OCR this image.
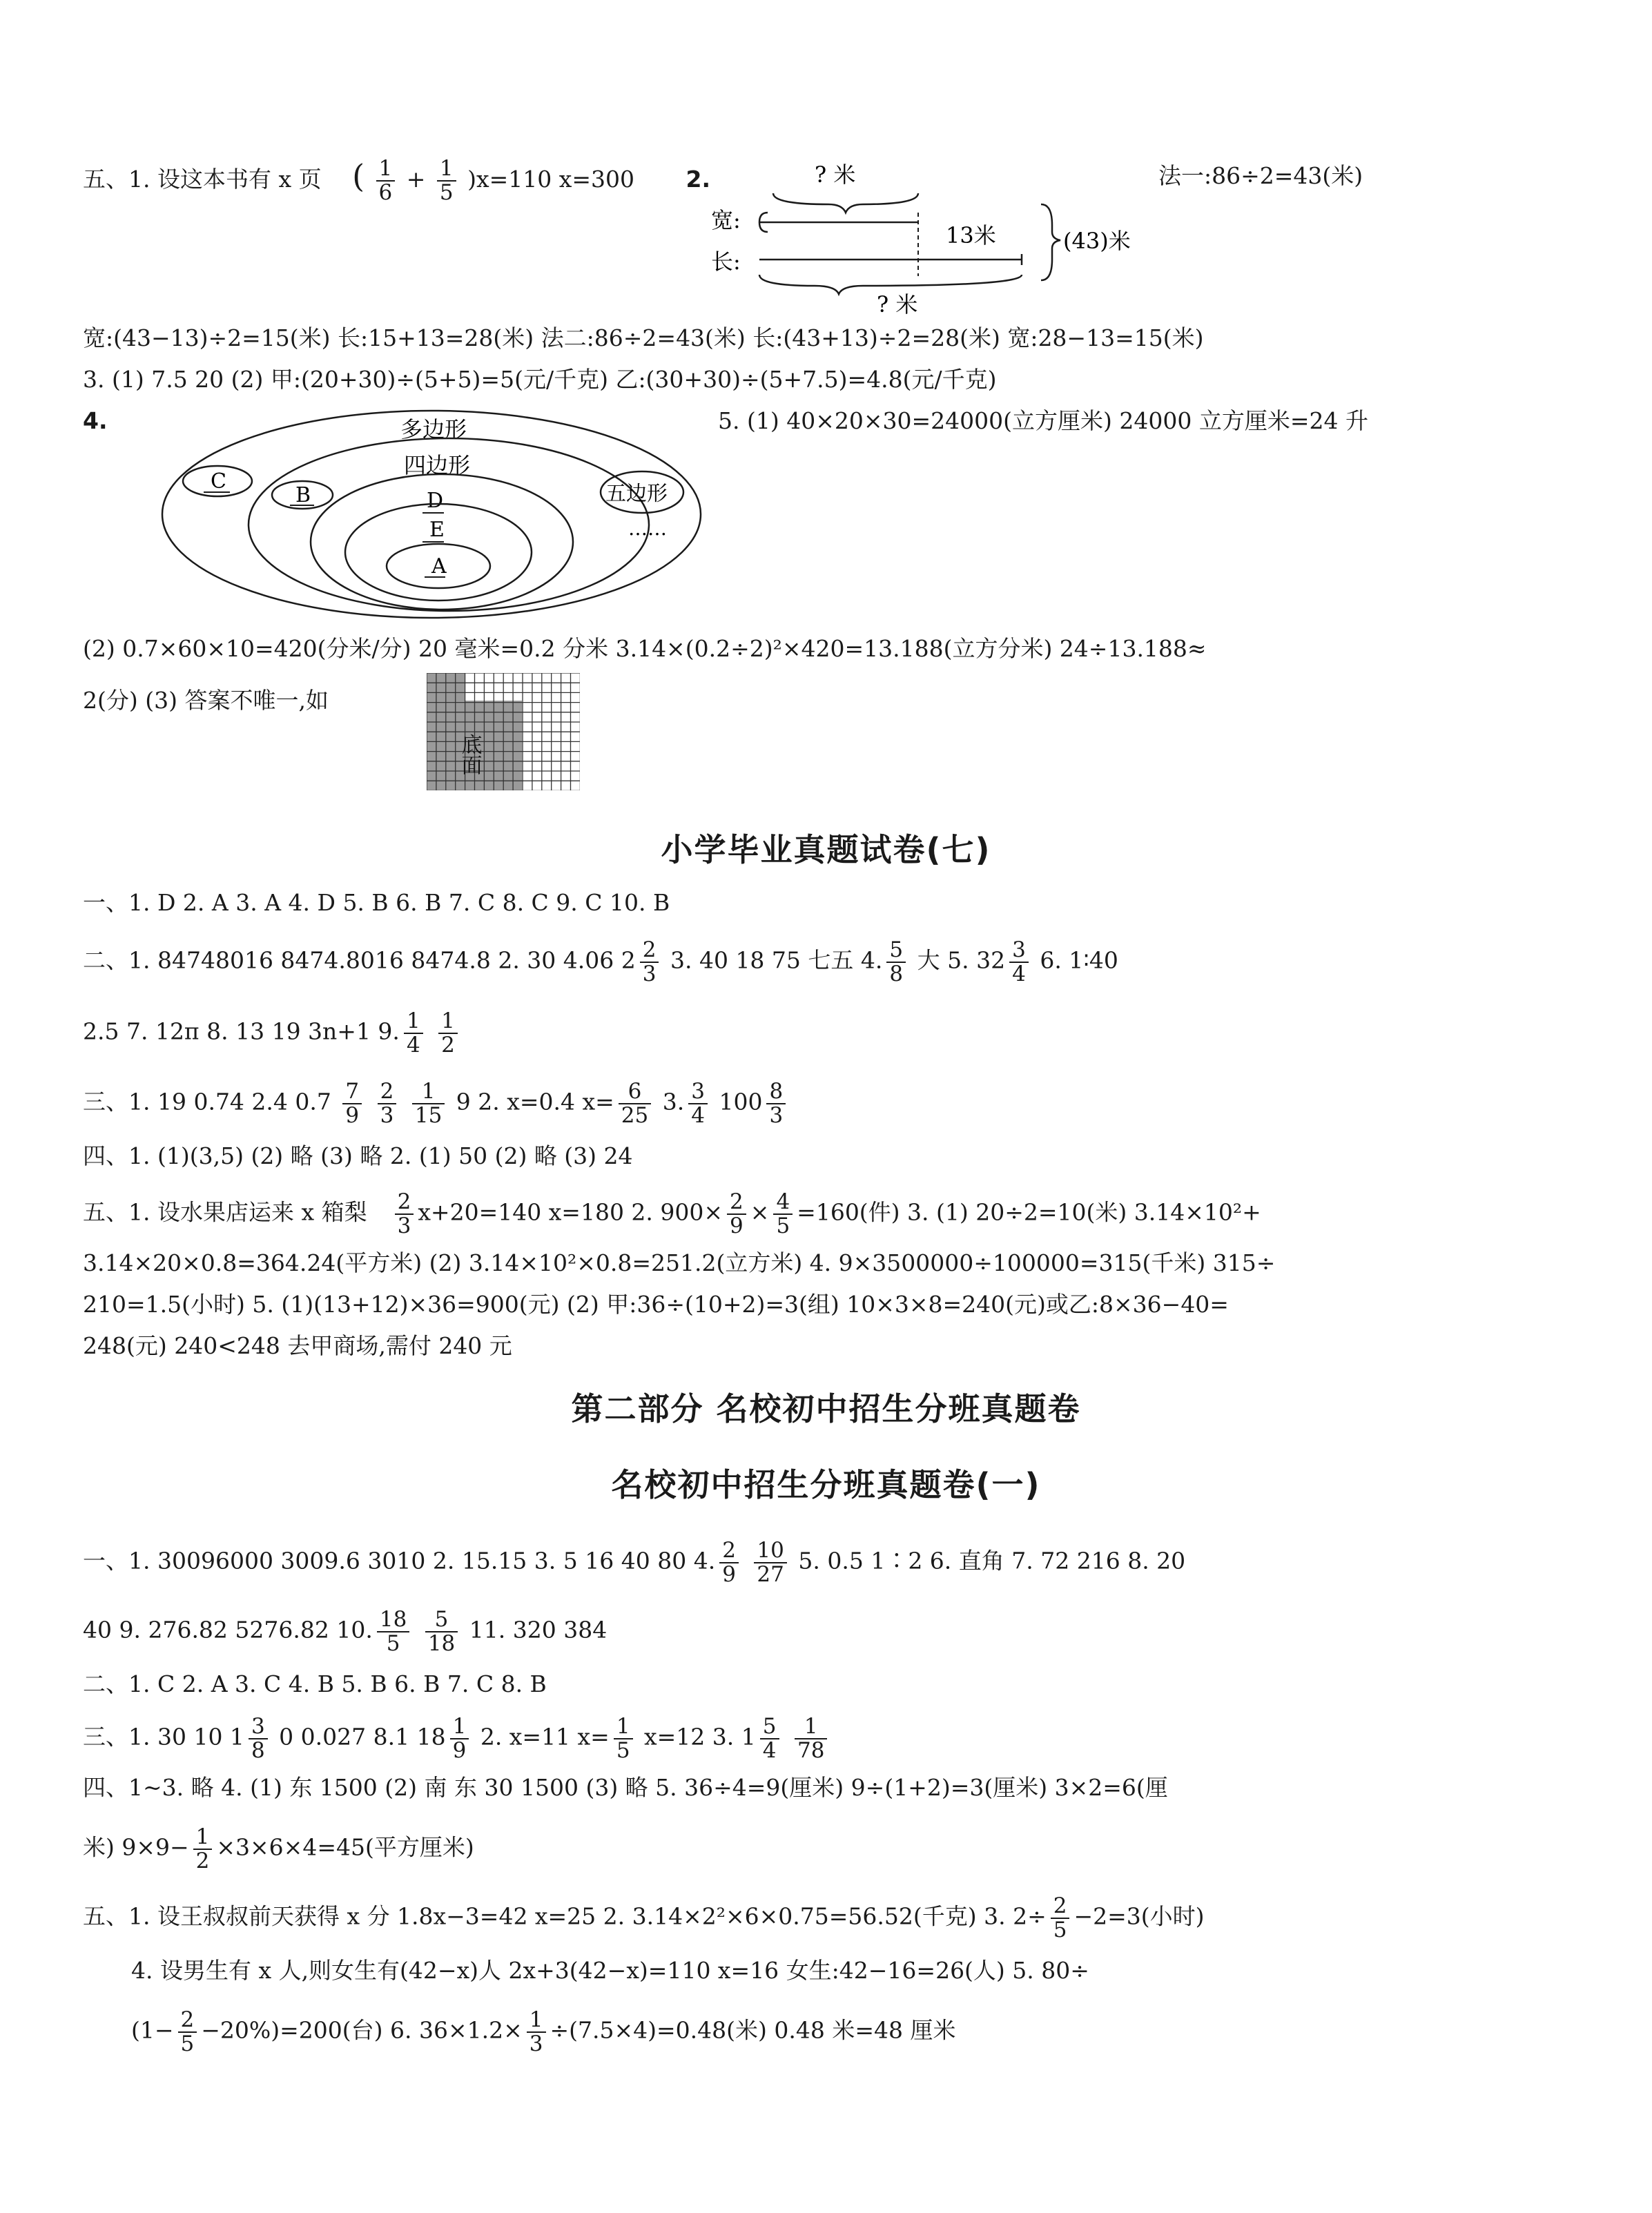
五、1. 设这本书有 x 页 ( $\frac{1}{6} + \frac{1}{5} )x=110$ x=300 2.	法一:86÷2=43(米)
? 米
宽:
13米
长:
? 米
(43)米
宽:(43−13)÷2=15(米) 长:15+13=28(米) 法二:86÷2=43(米) 长:(43+13)÷2=28(米) 宽:28−13=15(米)
3. (1) 7.5 20 (2) 甲:(20+30)÷(5+5)=5(元/千克) 乙:(30+30)÷(5+7.5)=4.8(元/千克)
4.	多边形
四边形
D
E
A
C
B	五边形
……
5. (1) 40×20×30=24000(立方厘米) 24000 立方厘米=24 升
(2) 0.7×60×10=420(分米/分) 20 毫米=0.2 分米 3.14×(0.2÷2)²×420=13.188(立方分米) 24÷13.188≈
2(分) (3) 答案不唯一,如
底面
小学毕业真题试卷(七)
一、1. D 2. A 3. A 4. D 5. B 6. B 7. C 8. C 9. C 10. B
二、1. 84748016 8474.8016 8474.8 2. 30 4.06 $2 \frac{2}{3} 3$. 40 18 75 七五 4. $\frac{5}{8}$ 大 5. $32 \frac{3}{4} 6$. 1∶40
2.5 7. 12π 8. 13 19 3n+1 9. $\frac{1}{4}$
$\frac{1}{2}$
三、1. 19 0.74 2.4 $0.7 \frac{7}{9}$
$\frac{2}{3}$
$\frac{1}{15} 9$ 2. x=0.4 $x= \frac{6}{25} 3$. $\frac{3}{4} 100 \frac{8}{3}$
四、1. (1)(3,5) (2) 略 (3) 略 2. (1) 50 (2) 略 (3) 24
五、1. 设水果店运来 x 箱梨 $\frac{2}{3} x+20=140$ x=180 2. $900\times \frac{2}{9} \times \frac{4}{5} =160$(件) 3. (1) 20÷2=10(米) 3.14×10²+
3.14×20×0.8=364.24(平方米) (2) 3.14×10²×0.8=251.2(立方米) 4. 9×3500000÷100000=315(千米) 315÷
210=1.5(小时) 5. (1)(13+12)×36=900(元) (2) 甲:36÷(10+2)=3(组) 10×3×8=240(元)或乙:8×36−40=
248(元) 240<248 去甲商场,需付 240 元
第二部分 名校初中招生分班真题卷
名校初中招生分班真题卷(一)
一、1. 30096000 3009.6 3010 2. 15.15 3. 5 16 40 80 4. $\frac{2}{9}$
$\frac{10}{27} 5$. 0.5 1∶2 6. 直角 7. 72 216 8. 20
40 9. 276.82 5276.82 10. $\frac{18}{5}$
$\frac{5}{18} 11$. 320 384
二、1. C 2. A 3. C 4. B 5. B 6. B 7. C 8. B
三、1. 30 10 $1 \frac{3}{8} 0$ 0.027 8.1 $18 \frac{1}{9} 2$. x=11 $x= \frac{1}{5} x=12$ 3. $1 \frac{5}{4}$
$\frac{1}{78}$
四、1~3. 略 4. (1) 东 1500 (2) 南 东 30 1500 (3) 略 5. 36÷4=9(厘米) 9÷(1+2)=3(厘米) 3×2=6(厘
米) $9\times 9- \frac{1}{2} \times 3\times 6\times 4=45$(平方厘米)
五、1. 设王叔叔前天获得 x 分 1.8x−3=42 x=25 2. 3.14×2²×6×0.75=56.52(千克) 3. $2\div \frac{2}{5} -2=3$(小时)
4. 设男生有 x 人,则女生有(42−x)人 2x+3(42−x)=110 x=16 女生:42−16=26(人) 5. 80÷
$(1- \frac{2}{5} -20\%)=200$(台) 6. $36\times 1.2\times \frac{1}{3} \div(7.5\times 4)=0.48$(米) 0.48 米=48 厘米
